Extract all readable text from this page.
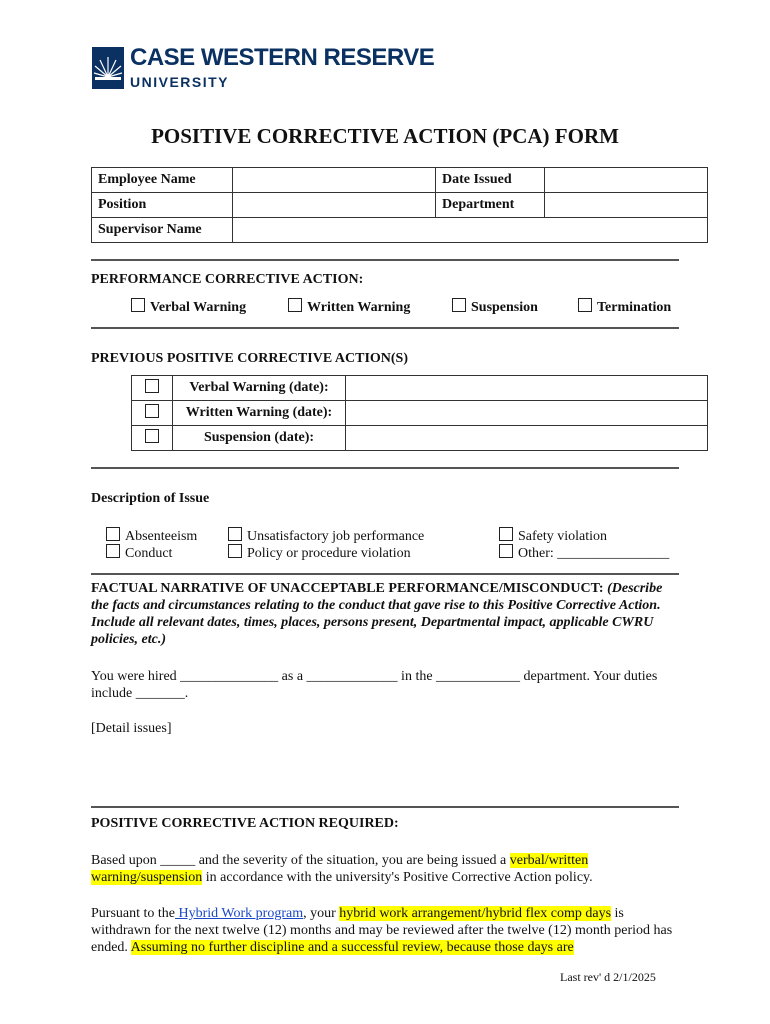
CASE WESTERN RESERVE
UNIVERSITY
POSITIVE CORRECTIVE ACTION (PCA) FORM
Employee Name		Date Issued	
Position		Department	
Supervisor Name			
PERFORMANCE CORRECTIVE ACTION:
Verbal Warning	Written Warning	Suspension	Termination
PREVIOUS POSITIVE CORRECTIVE ACTION(S)
	Verbal Warning (date):	
	Written Warning (date):	
	Suspension (date):	
Description of Issue
Absenteeism
Conduct
Unsatisfactory job performance
Policy or procedure violation
Safety violation
Other: ________________
FACTUAL NARRATIVE OF UNACCEPTABLE PERFORMANCE/MISCONDUCT: (Describe the facts and circumstances relating to the conduct that gave rise to this Positive Corrective Action. Include all relevant dates, times, places, persons present, Departmental impact, applicable CWRU policies, etc.)
You were hired ______________ as a _____________ in the ____________ department. Your duties include _______.
[Detail issues]
POSITIVE CORRECTIVE ACTION REQUIRED:
Based upon _____ and the severity of the situation, you are being issued a verbal/written warning/suspension in accordance with the university's Positive Corrective Action policy.
Pursuant to the Hybrid Work program, your hybrid work arrangement/hybrid flex comp days is withdrawn for the next twelve (12) months and may be reviewed after the twelve (12) month period has ended. Assuming no further discipline and a successful review, because those days are
Last rev' d 2/1/2025
